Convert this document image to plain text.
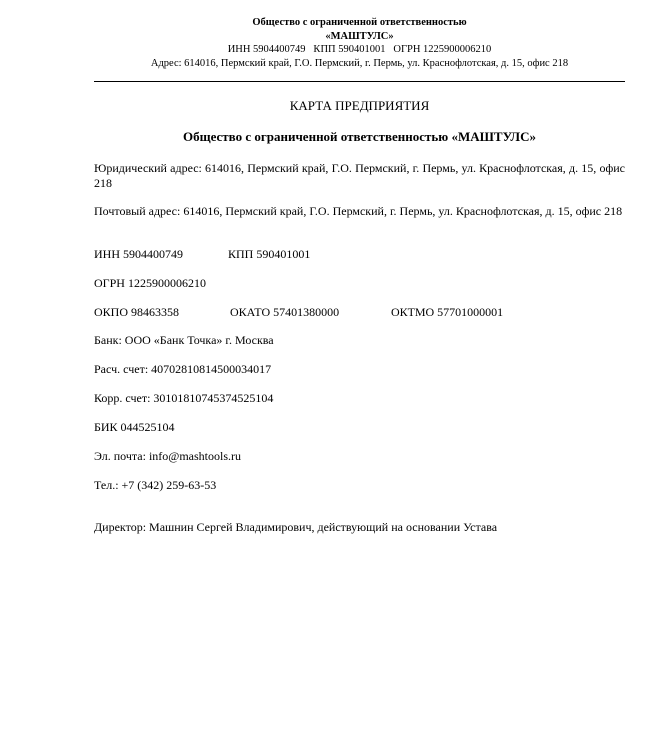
Общество с ограниченной ответственностью
«МАШТУЛС»
ИНН 5904400749   КПП 590401001   ОГРН 1225900006210
Адрес: 614016, Пермский край, Г.О. Пермский, г. Пермь, ул. Краснофлотская, д. 15, офис 218
КАРТА ПРЕДПРИЯТИЯ
Общество с ограниченной ответственностью «МАШТУЛС»
Юридический адрес: 614016, Пермский край, Г.О. Пермский, г. Пермь, ул. Краснофлотская, д. 15, офис 218
Почтовый адрес: 614016, Пермский край, Г.О. Пермский, г. Пермь, ул. Краснофлотская, д. 15, офис 218
ИНН 5904400749	КПП 590401001
ОГРН 1225900006210
ОКПО 98463358	ОКАТО 57401380000	ОКТМО 57701000001
Банк: ООО «Банк Точка» г. Москва
Расч. счет: 40702810814500034017
Корр. счет: 30101810745374525104
БИК 044525104
Эл. почта: info@mashtools.ru
Тел.: +7 (342) 259-63-53
Директор: Машнин Сергей Владимирович, действующий на основании Устава
